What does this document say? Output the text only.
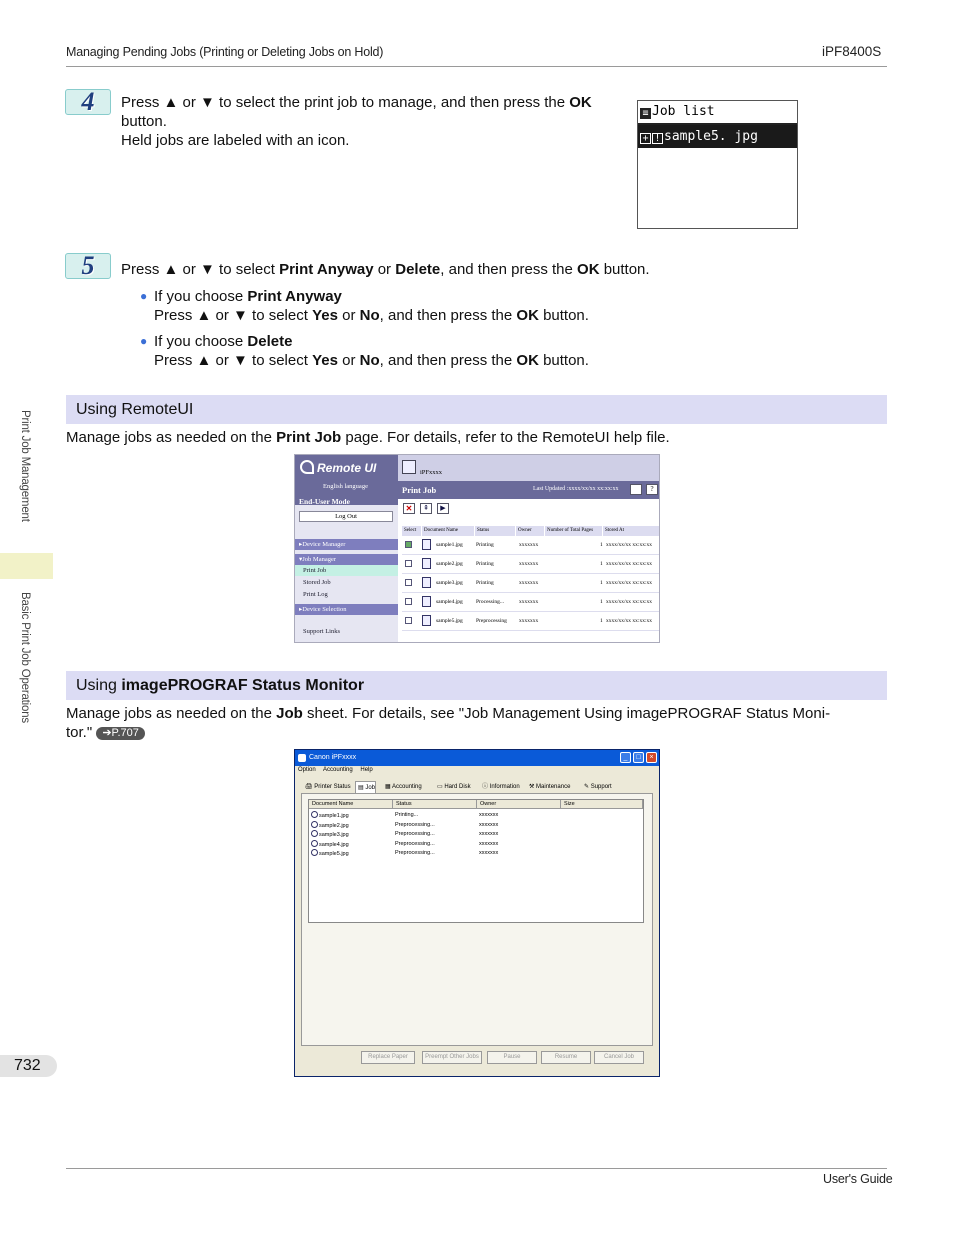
Managing Pending Jobs (Printing or Deleting Jobs on Hold)	iPF8400S
Print Job Management
Basic Print Job Operations
732
4	Press ▲ or ▼ to select the print job to manage, and then press the OK button.
Held jobs are labeled with an icon.
≡ Job list
+ ! sample5. jpg
5	Press ▲ or ▼ to select Print Anyway or Delete, and then press the OK button.
● If you choose Print Anyway
Press ▲ or ▼ to select Yes or No, and then press the OK button.
● If you choose Delete
Press ▲ or ▼ to select Yes or No, and then press the OK button.
Using RemoteUI
Manage jobs as needed on the Print Job page. For details, refer to the RemoteUI help file.
Remote UI
English language
End-User Mode
Log Out
▸Device Manager
▾Job Manager
Print Job
Stored Job
Print Log
▸Device Selection
Support Links
iPFxxxx
Print Job	Last Updated :xxxx/xx/xx xx:xx:xx	⟳	?
✕	⇞	▶
Select	Document Name	Status	Owner	Number of Total Pages	Stored At
sample1.jpg Printing	xxxxxxx	1 xxxx/xx/xx xx:xx:xx
sample2.jpg Printing	xxxxxxx	1 xxxx/xx/xx xx:xx:xx
sample3.jpg Printing	xxxxxxx	1 xxxx/xx/xx xx:xx:xx
sample4.jpg Processing...	xxxxxxx	1 xxxx/xx/xx xx:xx:xx
sample5.jpg Preprocessing xxxxxxx	1 xxxx/xx/xx xx:xx:xx
Using imagePROGRAF Status Monitor
Manage jobs as needed on the Job sheet. For details, see "Job Management Using imagePROGRAF Status Moni-
tor." ➔P.707
Canon iPFxxxx	_	□	×
Option Accounting Help
🖨 Printer Status	▤ Job	▦ Accounting	▭ Hard Disk	ⓘ Information	⚒ Maintenance	✎ Support
Document Name	Status	Owner	Size
sample1.jpg	Printing...	xxxxxxx
sample2.jpg	Preprocessing...	xxxxxxx
sample3.jpg	Preprocessing...	xxxxxxx
sample4.jpg	Preprocessing...	xxxxxxx
sample5.jpg	Preprocessing...	xxxxxxx
Replace Paper	Preempt Other Jobs	Pause	Resume	Cancel Job
User's Guide
